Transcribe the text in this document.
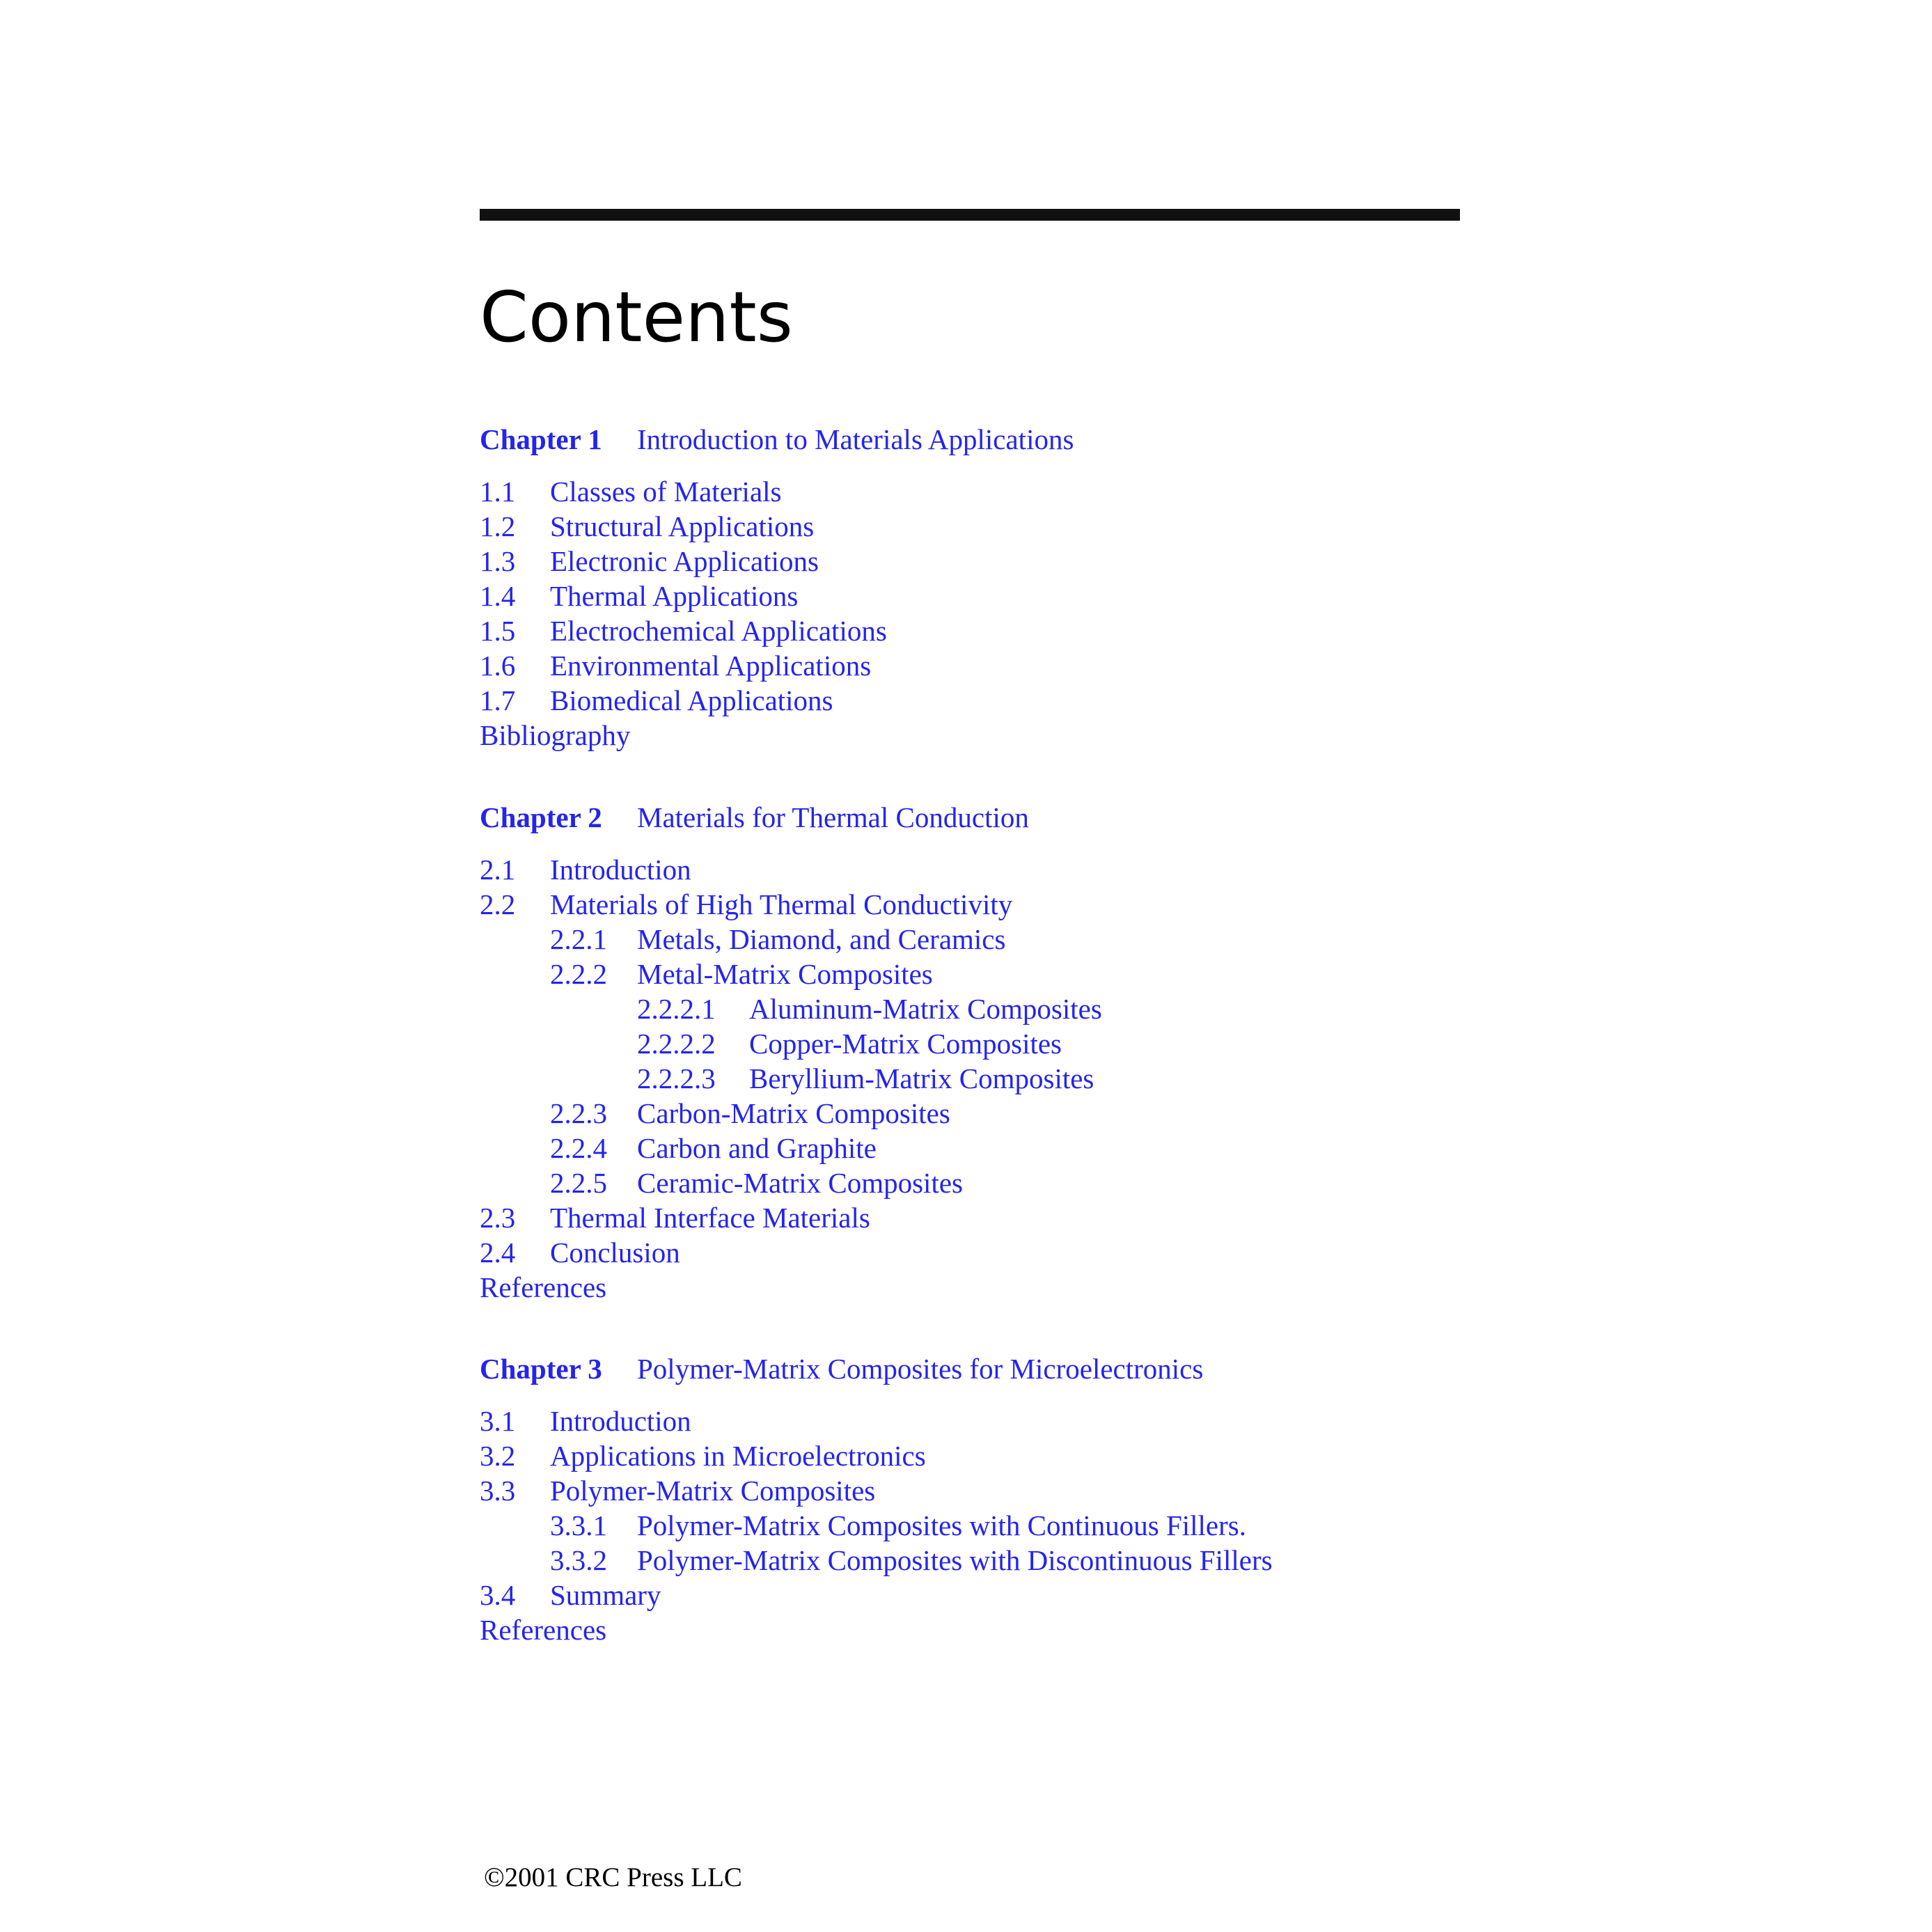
Contents
Chapter 1 Introduction to Materials Applications
1.1 Classes of Materials
1.2 Structural Applications
1.3 Electronic Applications
1.4 Thermal Applications
1.5 Electrochemical Applications
1.6 Environmental Applications
1.7 Biomedical Applications
Bibliography
Chapter 2 Materials for Thermal Conduction
2.1 Introduction
2.2 Materials of High Thermal Conductivity
2.2.1 Metals, Diamond, and Ceramics
2.2.2 Metal-Matrix Composites
2.2.2.1 Aluminum-Matrix Composites
2.2.2.2 Copper-Matrix Composites
2.2.2.3 Beryllium-Matrix Composites
2.2.3 Carbon-Matrix Composites
2.2.4 Carbon and Graphite
2.2.5 Ceramic-Matrix Composites
2.3 Thermal Interface Materials
2.4 Conclusion
References
Chapter 3 Polymer-Matrix Composites for Microelectronics
3.1 Introduction
3.2 Applications in Microelectronics
3.3 Polymer-Matrix Composites
3.3.1 Polymer-Matrix Composites with Continuous Fillers.
3.3.2 Polymer-Matrix Composites with Discontinuous Fillers
3.4 Summary
References
©2001 CRC Press LLC
